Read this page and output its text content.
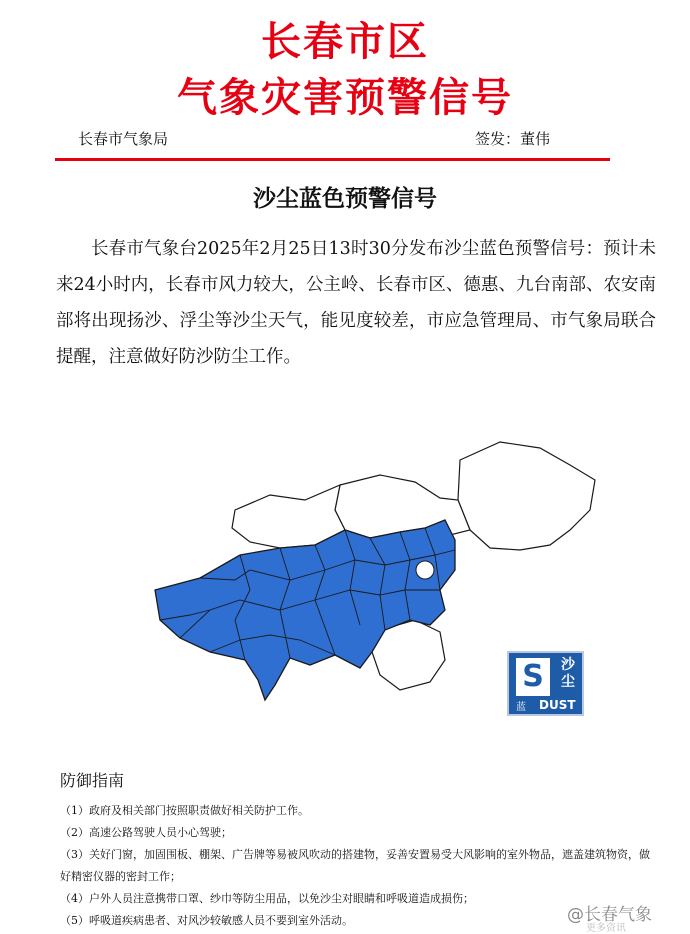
长春市区
气象灾害预警信号
长春市气象局	签发：董伟
沙尘蓝色预警信号
长春市气象台2025年2月25日13时30分发布沙尘蓝色预警信号：预计未来24小时内，长春市风力较大，公主岭、长春市区、德惠、九台南部、农安南部将出现扬沙、浮尘等沙尘天气，能见度较差，市应急管理局、市气象局联合提醒，注意做好防沙防尘工作。
S	沙
尘
蓝 DUST
防御指南
（1）政府及相关部门按照职责做好相关防护工作。
（2）高速公路驾驶人员小心驾驶；
（3）关好门窗，加固围板、棚架、广告牌等易被风吹动的搭建物，妥善安置易受大风影响的室外物品，遮盖建筑物资，做好精密仪器的密封工作；
（4）户外人员注意携带口罩、纱巾等防尘用品，以免沙尘对眼睛和呼吸道造成损伤；
（5）呼吸道疾病患者、对风沙较敏感人员不要到室外活动。	@长春气象
更多资讯
